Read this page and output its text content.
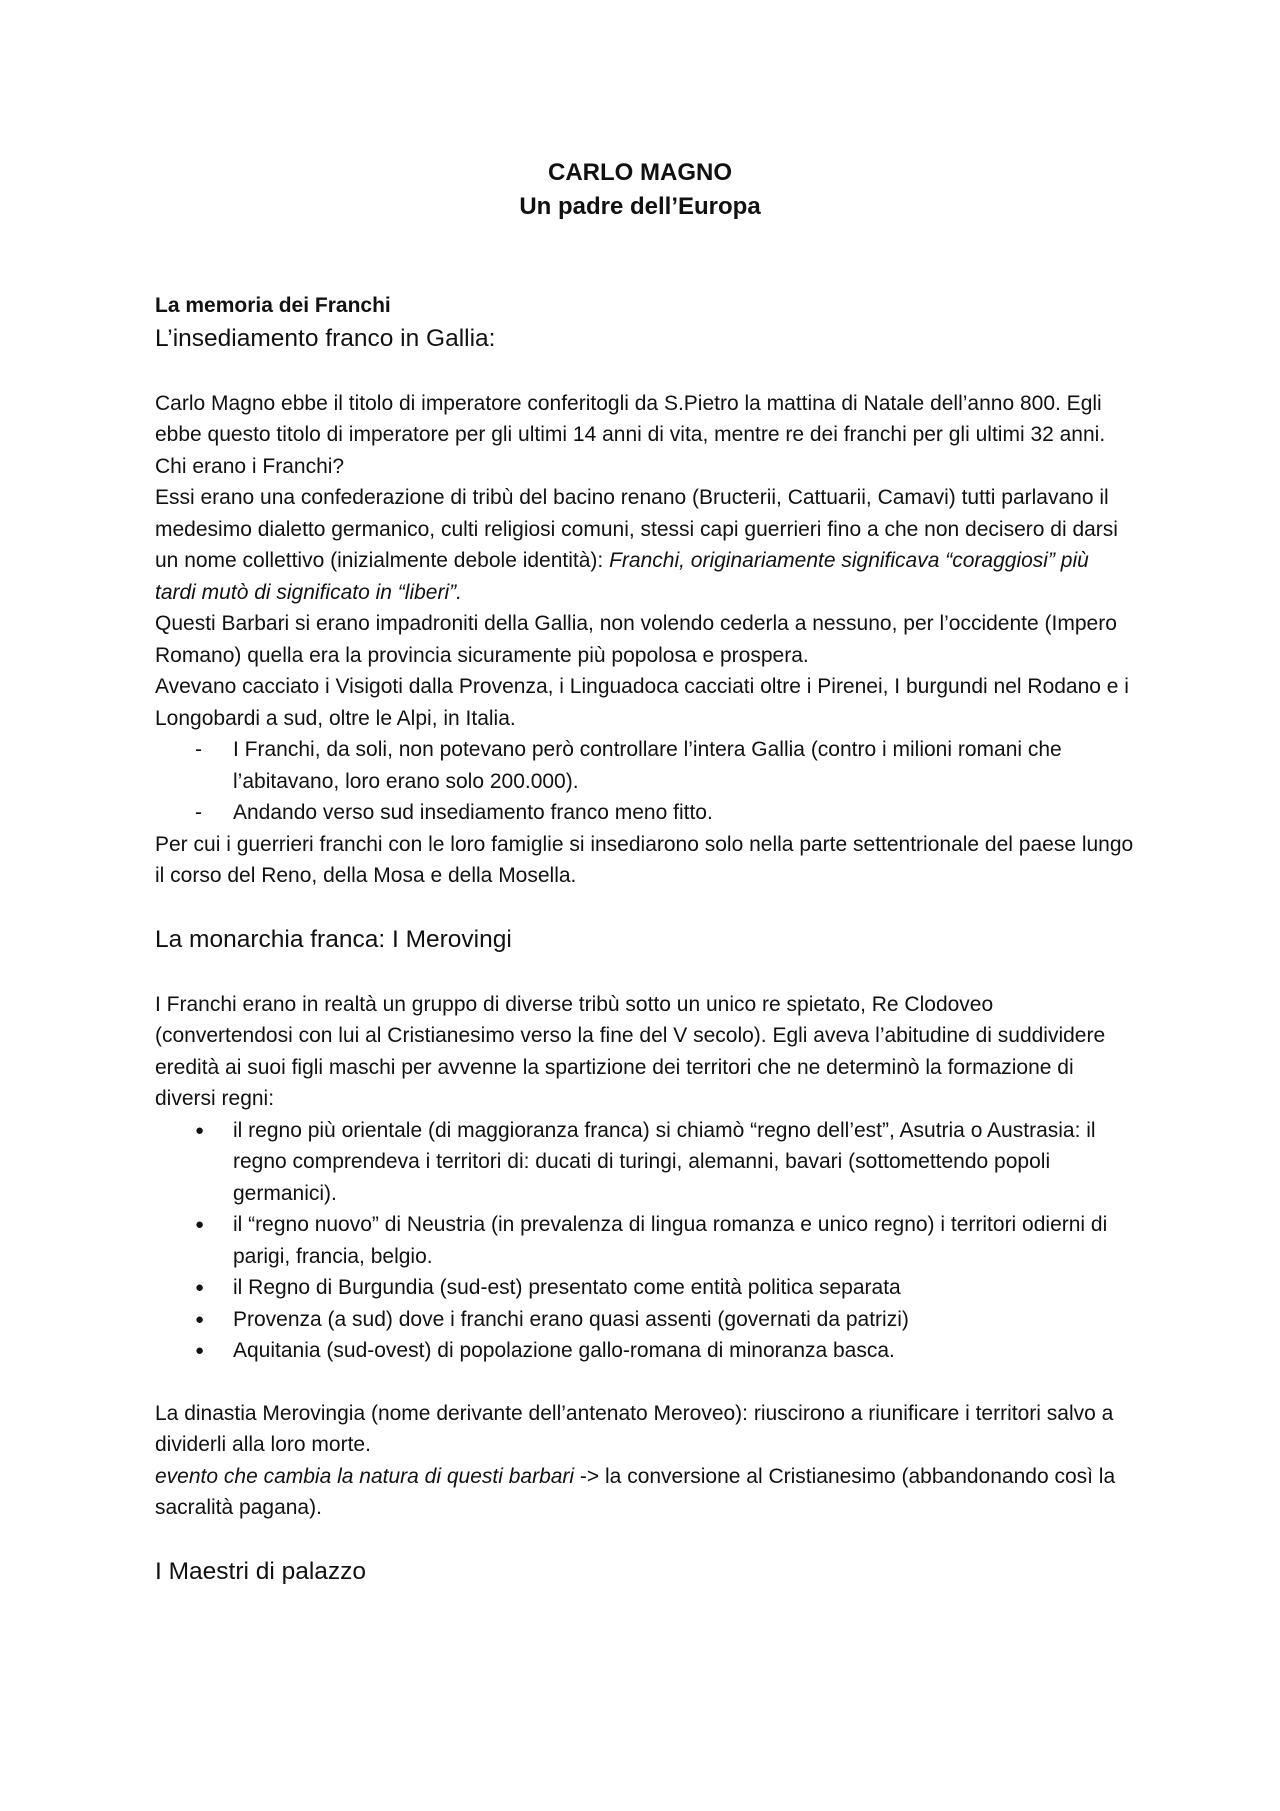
CARLO MAGNO
Un padre dell’Europa
La memoria dei Franchi
L’insediamento franco in Gallia:

Carlo Magno ebbe il titolo di imperatore conferitogli da S.Pietro la mattina di Natale dell’anno 800. Egli ebbe questo titolo di imperatore per gli ultimi 14 anni di vita, mentre re dei franchi per gli ultimi 32 anni.

Chi erano i Franchi?

Essi erano una confederazione di tribù del bacino renano (Bructerii, Cattuarii, Camavi) tutti parlavano il medesimo dialetto germanico, culti religiosi comuni, stessi capi guerrieri fino a che non decisero di darsi un nome collettivo (inizialmente debole identità): Franchi, originariamente significava “coraggiosi” più tardi mutò di significato in “liberi”.

Questi Barbari si erano impadroniti della Gallia, non volendo cederla a nessuno, per l’occidente (Impero Romano) quella era la provincia sicuramente più popolosa e prospera.

Avevano cacciato i Visigoti dalla Provenza, i Linguadoca cacciati oltre i Pirenei, I burgundi nel Rodano e i Longobardi a sud, oltre le Alpi, in Italia.

- I Franchi, da soli, non potevano però controllare l’intera Gallia (contro i milioni romani che l’abitavano, loro erano solo 200.000).
- Andando verso sud insediamento franco meno fitto.

Per cui i guerrieri franchi con le loro famiglie si insediarono solo nella parte settentrionale del paese lungo il corso del Reno, della Mosa e della Mosella.

La monarchia franca: I Merovingi

I Franchi erano in realtà un gruppo di diverse tribù sotto un unico re spietato, Re Clodoveo (convertendosi con lui al Cristianesimo verso la fine del V secolo). Egli aveva l’abitudine di suddividere eredità ai suoi figli maschi per avvenne la spartizione dei territori che ne determinò la formazione di diversi regni:

● il regno più orientale (di maggioranza franca) si chiamò “regno dell’est”, Asutria o Austrasia: il regno comprendeva i territori di: ducati di turingi, alemanni, bavari (sottomettendo popoli germanici).
● il “regno nuovo” di Neustria (in prevalenza di lingua romanza e unico regno) i territori odierni di parigi, francia, belgio.
● il Regno di Burgundia (sud-est) presentato come entità politica separata
● Provenza (a sud) dove i franchi erano quasi assenti (governati da patrizi)
● Aquitania (sud-ovest) di popolazione gallo-romana di minoranza basca.

La dinastia Merovingia (nome derivante dell’antenato Meroveo): riuscirono a riunificare i territori salvo a dividerli alla loro morte.

evento che cambia la natura di questi barbari -> la conversione al Cristianesimo (abbandonando così la sacralità pagana).

I Maestri di palazzo
